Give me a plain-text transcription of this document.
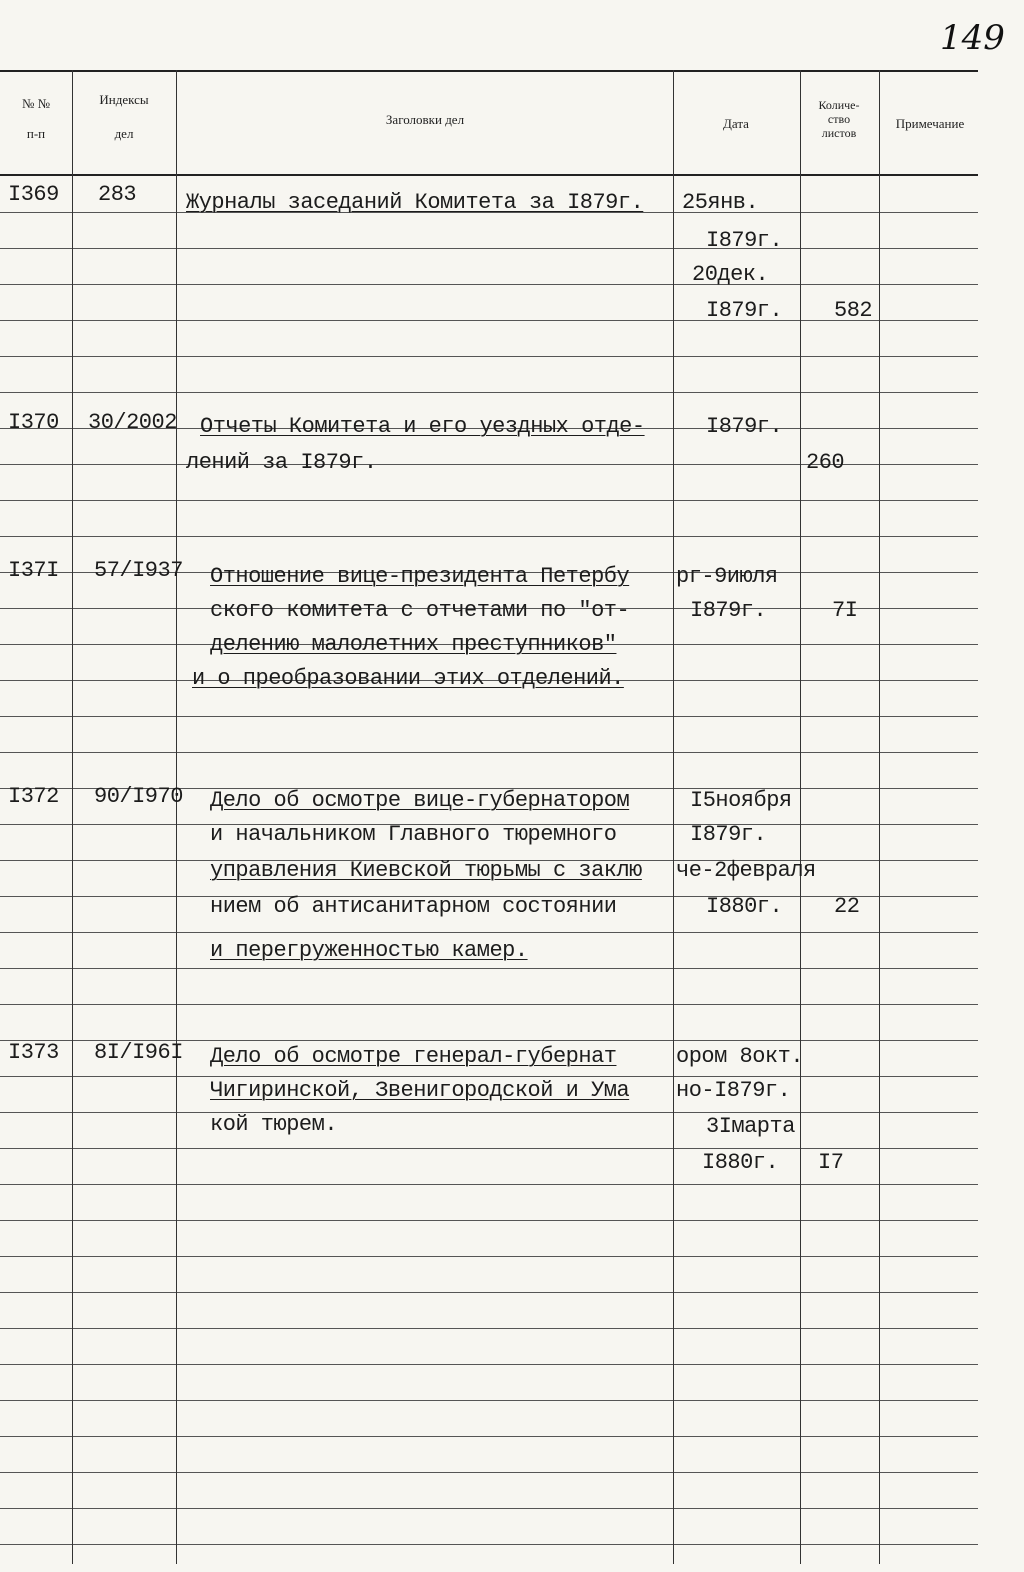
149
№ №
п-п
Индексы
дел
Заголовки дел	Дата
Количе-
ство
листов
Примечание
I369 283 Журналы заседаний Комитета за I879г. 25янв.
I879г.
20дек.
I879г. 582
I370 30/2002 Отчеты Комитета и его уездных отде-
лений за I879г.
I879г.
260
I37I 57/I937 Отношение вице-президента Петербу
ского комитета с отчетами по "от-
делению малолетних преступников"
и о преобразовании этих отделений.
рг-9июля
I879г.	7I
I372 90/I970 Дело об осмотре вице-губернатором
и начальником Главного тюремного
управления Киевской тюрьмы с заклю
нием об антисанитарном состоянии
и перегруженностью камер.
I5ноября
I879г.
че-2февраля
I880г. 22
I373 8I/I96I Дело об осмотре генерал-губернат
Чигиринской, Звенигородской и Ума
кой тюрем.
ором 8окт.
но-I879г.
3Iмарта
I880г. I7
